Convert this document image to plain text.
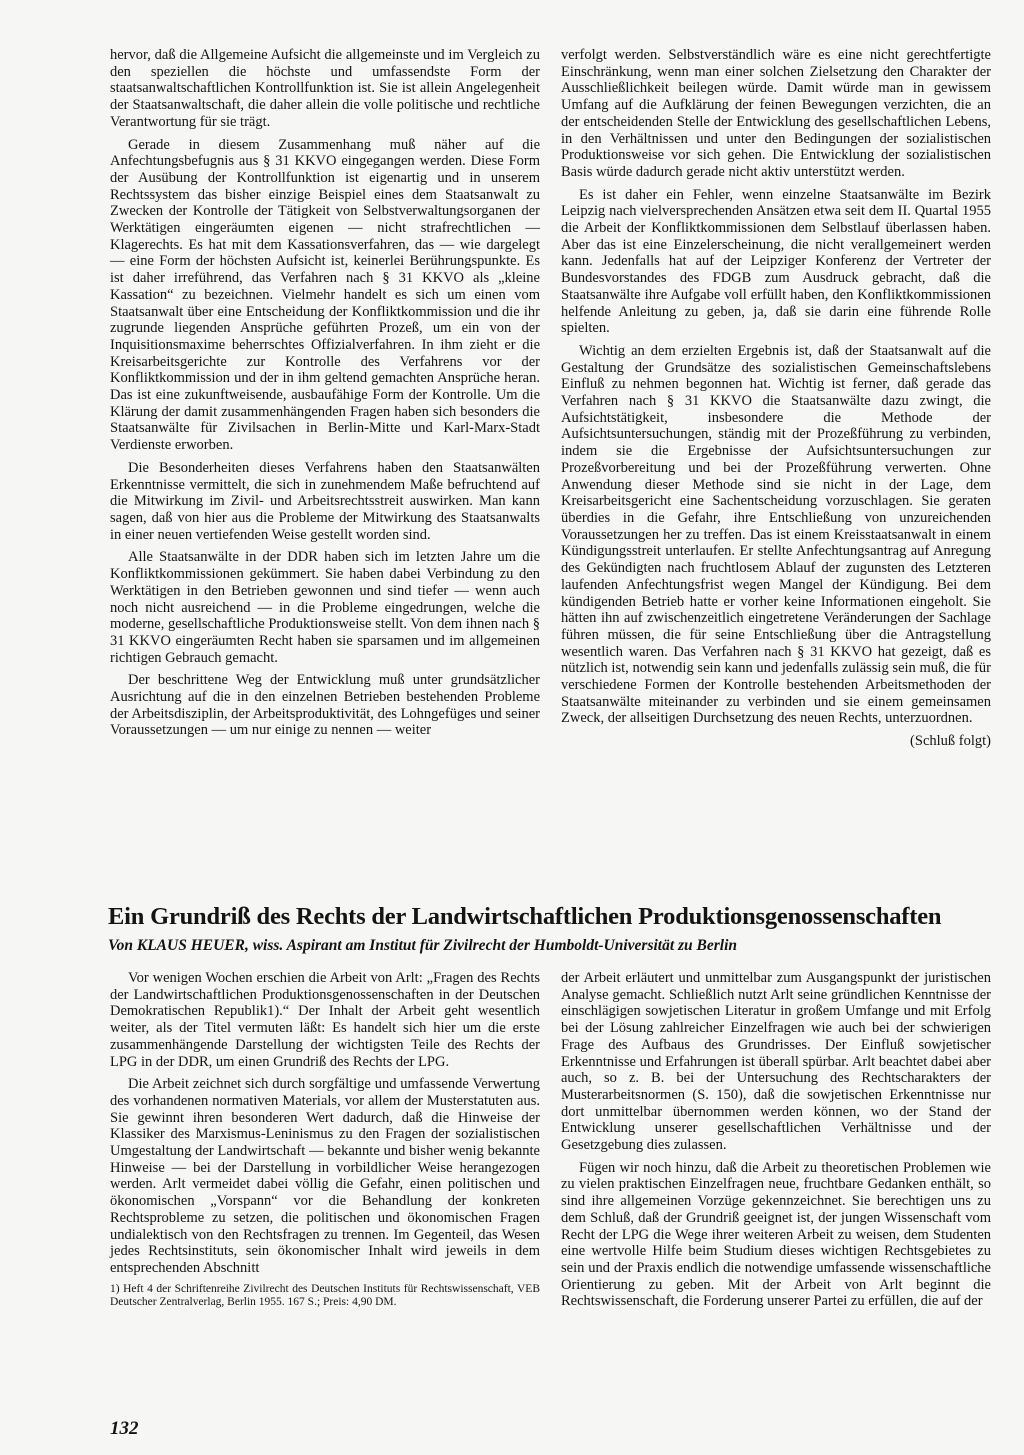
hervor, daß die Allgemeine Aufsicht die allgemeinste und im Vergleich zu den speziellen die höchste und umfassendste Form der staatsanwaltschaftlichen Kontrollfunktion ist. Sie ist allein Angelegenheit der Staatsanwaltschaft, die daher allein die volle politische und rechtliche Verantwortung für sie trägt.

Gerade in diesem Zusammenhang muß näher auf die Anfechtungsbefugnis aus § 31 KKVO eingegangen werden. Diese Form der Ausübung der Kontrollfunktion ist eigenartig und in unserem Rechtssystem das bisher einzige Beispiel eines dem Staatsanwalt zu Zwecken der Kontrolle der Tätigkeit von Selbstverwaltungsorganen der Werktätigen eingeräumten eigenen — nicht strafrechtlichen — Klagerechts. Es hat mit dem Kassationsverfahren, das — wie dargelegt — eine Form der höchsten Aufsicht ist, keinerlei Berührungspunkte. Es ist daher irreführend, das Verfahren nach § 31 KKVO als „kleine Kassation“ zu bezeichnen. Vielmehr handelt es sich um einen vom Staatsanwalt über eine Entscheidung der Konfliktkommission und die ihr zugrunde liegenden Ansprüche geführten Prozeß, um ein von der Inquisitionsmaxime beherrschtes Offizialverfahren. In ihm zieht er die Kreisarbeitsgerichte zur Kontrolle des Verfahrens vor der Konfliktkommission und der in ihm geltend gemachten Ansprüche heran. Das ist eine zukunftweisende, ausbaufähige Form der Kontrolle. Um die Klärung der damit zusammenhängenden Fragen haben sich besonders die Staatsanwälte für Zivilsachen in Berlin-Mitte und Karl-Marx-Stadt Verdienste erworben.

Die Besonderheiten dieses Verfahrens haben den Staatsanwälten Erkenntnisse vermittelt, die sich in zunehmendem Maße befruchtend auf die Mitwirkung im Zivil- und Arbeitsrechtsstreit auswirken. Man kann sagen, daß von hier aus die Probleme der Mitwirkung des Staatsanwalts in einer neuen vertiefenden Weise gestellt worden sind.

Alle Staatsanwälte in der DDR haben sich im letzten Jahre um die Konfliktkommissionen gekümmert. Sie haben dabei Verbindung zu den Werktätigen in den Betrieben gewonnen und sind tiefer — wenn auch noch nicht ausreichend — in die Probleme eingedrungen, welche die moderne, gesellschaftliche Produktionsweise stellt. Von dem ihnen nach § 31 KKVO eingeräumten Recht haben sie sparsamen und im allgemeinen richtigen Gebrauch gemacht.

Der beschrittene Weg der Entwicklung muß unter grundsätzlicher Ausrichtung auf die in den einzelnen Betrieben bestehenden Probleme der Arbeitsdisziplin, der Arbeitsproduktivität, des Lohngefüges und seiner Voraussetzungen — um nur einige zu nennen — weiter

verfolgt werden. Selbstverständlich wäre es eine nicht gerechtfertigte Einschränkung, wenn man einer solchen Zielsetzung den Charakter der Ausschließlichkeit beilegen würde. Damit würde man in gewissem Umfang auf die Aufklärung der feinen Bewegungen verzichten, die an der entscheidenden Stelle der Entwicklung des gesellschaftlichen Lebens, in den Verhältnissen und unter den Bedingungen der sozialistischen Produktionsweise vor sich gehen. Die Entwicklung der sozialistischen Basis würde dadurch gerade nicht aktiv unterstützt werden.

Es ist daher ein Fehler, wenn einzelne Staatsanwälte im Bezirk Leipzig nach vielversprechenden Ansätzen etwa seit dem II. Quartal 1955 die Arbeit der Konfliktkommissionen dem Selbstlauf überlassen haben. Aber das ist eine Einzelerscheinung, die nicht verallgemeinert werden kann. Jedenfalls hat auf der Leipziger Konferenz der Vertreter der Bundesvorstandes des FDGB zum Ausdruck gebracht, daß die Staatsanwälte ihre Aufgabe voll erfüllt haben, den Konfliktkommissionen helfende Anleitung zu geben, ja, daß sie darin eine führende Rolle spielten.

Wichtig an dem erzielten Ergebnis ist, daß der Staatsanwalt auf die Gestaltung der Grundsätze des sozialistischen Gemeinschaftslebens Einfluß zu nehmen begonnen hat. Wichtig ist ferner, daß gerade das Verfahren nach § 31 KKVO die Staatsanwälte dazu zwingt, die Aufsichtstätigkeit, insbesondere die Methode der Aufsichtsuntersuchungen, ständig mit der Prozeßführung zu verbinden, indem sie die Ergebnisse der Aufsichtsuntersuchungen zur Prozeßvorbereitung und bei der Prozeßführung verwerten. Ohne Anwendung dieser Methode sind sie nicht in der Lage, dem Kreisarbeitsgericht eine Sachentscheidung vorzuschlagen. Sie geraten überdies in die Gefahr, ihre Entschließung von unzureichenden Voraussetzungen her zu treffen. Das ist einem Kreisstaatsanwalt in einem Kündigungsstreit unterlaufen. Er stellte Anfechtungsantrag auf Anregung des Gekündigten nach fruchtlosem Ablauf der zugunsten des Letzteren laufenden Anfechtungsfrist wegen Mangel der Kündigung. Bei dem kündigenden Betrieb hatte er vorher keine Informationen eingeholt. Sie hätten ihn auf zwischenzeitlich eingetretene Veränderungen der Sachlage führen müssen, die für seine Entschließung über die Antragstellung wesentlich waren. Das Verfahren nach § 31 KKVO hat gezeigt, daß es nützlich ist, notwendig sein kann und jedenfalls zulässig sein muß, die für verschiedene Formen der Kontrolle bestehenden Arbeitsmethoden der Staatsanwälte miteinander zu verbinden und sie einem gemeinsamen Zweck, der allseitigen Durchsetzung des neuen Rechts, unterzuordnen.

(Schluß folgt)
Ein Grundriß des Rechts der Landwirtschaftlichen Produktionsgenossenschaften
Von KLAUS HEUER, wiss. Aspirant am Institut für Zivilrecht der Humboldt-Universität zu Berlin

Vor wenigen Wochen erschien die Arbeit von Arlt: „Fragen des Rechts der Landwirtschaftlichen Produktionsgenossenschaften in der Deutschen Demokratischen Republik1).“ Der Inhalt der Arbeit geht wesentlich weiter, als der Titel vermuten läßt: Es handelt sich hier um die erste zusammenhängende Darstellung der wichtigsten Teile des Rechts der LPG in der DDR, um einen Grundriß des Rechts der LPG.

Die Arbeit zeichnet sich durch sorgfältige und umfassende Verwertung des vorhandenen normativen Materials, vor allem der Musterstatuten aus. Sie gewinnt ihren besonderen Wert dadurch, daß die Hinweise der Klassiker des Marxismus-Leninismus zu den Fragen der sozialistischen Umgestaltung der Landwirtschaft — bekannte und bisher wenig bekannte Hinweise — bei der Darstellung in vorbildlicher Weise herangezogen werden. Arlt vermeidet dabei völlig die Gefahr, einen politischen und ökonomischen „Vorspann“ vor die Behandlung der konkreten Rechtsprobleme zu setzen, die politischen und ökonomischen Fragen undialektisch von den Rechtsfragen zu trennen. Im Gegenteil, das Wesen jedes Rechtsinstituts, sein ökonomischer Inhalt wird jeweils in dem entsprechenden Abschnitt

1) Heft 4 der Schriftenreihe Zivilrecht des Deutschen Instituts für Rechtswissenschaft, VEB Deutscher Zentralverlag, Berlin 1955. 167 S.; Preis: 4,90 DM.

der Arbeit erläutert und unmittelbar zum Ausgangspunkt der juristischen Analyse gemacht. Schließlich nutzt Arlt seine gründlichen Kenntnisse der einschlägigen sowjetischen Literatur in großem Umfange und mit Erfolg bei der Lösung zahlreicher Einzelfragen wie auch bei der schwierigen Frage des Aufbaus des Grundrisses. Der Einfluß sowjetischer Erkenntnisse und Erfahrungen ist überall spürbar. Arlt beachtet dabei aber auch, so z. B. bei der Untersuchung des Rechtscharakters der Musterarbeitsnormen (S. 150), daß die sowjetischen Erkenntnisse nur dort unmittelbar übernommen werden können, wo der Stand der Entwicklung unserer gesellschaftlichen Verhältnisse und der Gesetzgebung dies zulassen.

Fügen wir noch hinzu, daß die Arbeit zu theoretischen Problemen wie zu vielen praktischen Einzelfragen neue, fruchtbare Gedanken enthält, so sind ihre allgemeinen Vorzüge gekennzeichnet. Sie berechtigen uns zu dem Schluß, daß der Grundriß geeignet ist, der jungen Wissenschaft vom Recht der LPG die Wege ihrer weiteren Arbeit zu weisen, dem Studenten eine wertvolle Hilfe beim Studium dieses wichtigen Rechtsgebietes zu sein und der Praxis endlich die notwendige umfassende wissenschaftliche Orientierung zu geben. Mit der Arbeit von Arlt beginnt die Rechtswissenschaft, die Forderung unserer Partei zu erfüllen, die auf der

132
